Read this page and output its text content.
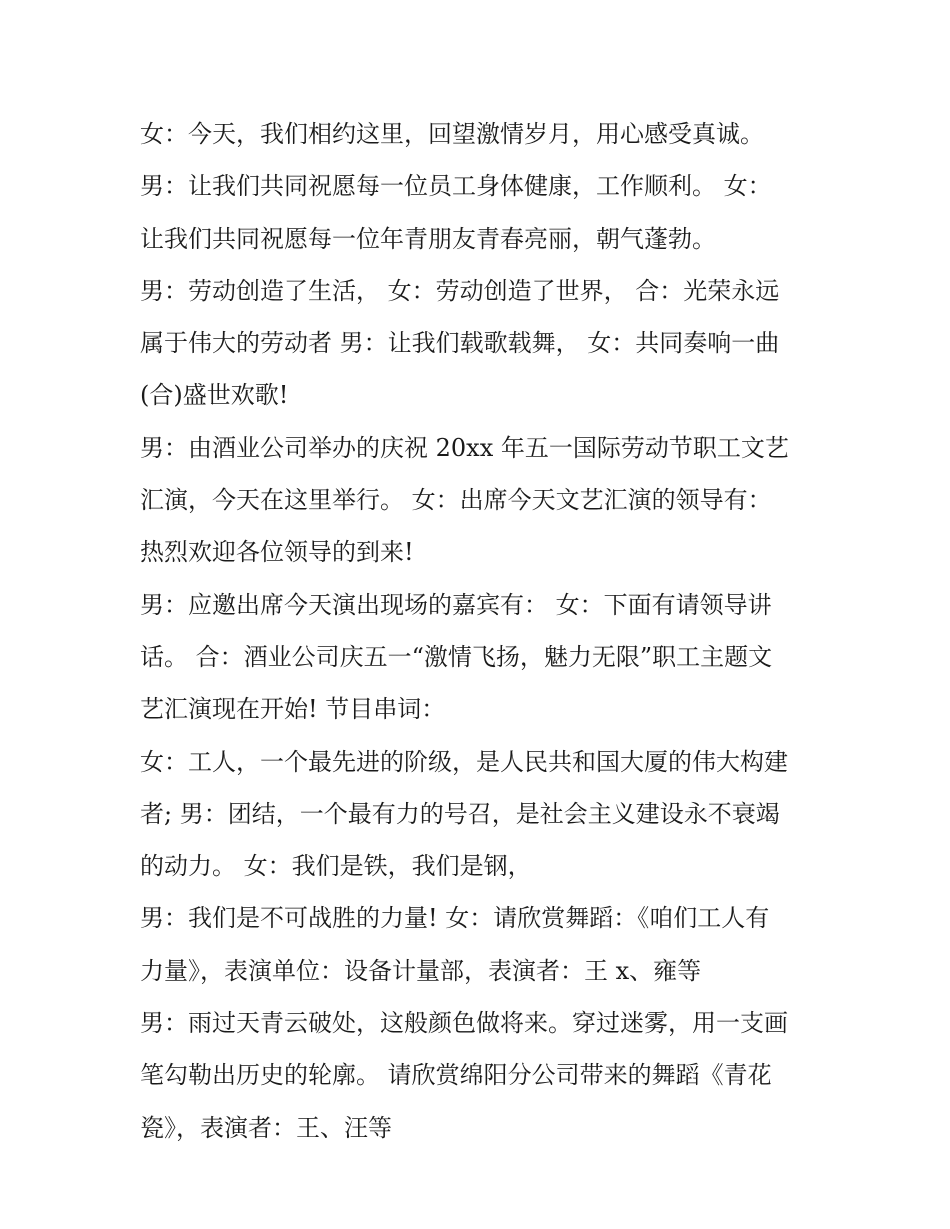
女：今天，我们相约这里，回望激情岁月，用心感受真诚。
男：让我们共同祝愿每一位员工身体健康，工作顺利。 女：
让我们共同祝愿每一位年青朋友青春亮丽，朝气蓬勃。
男：劳动创造了生活， 女：劳动创造了世界， 合：光荣永远
属于伟大的劳动者 男：让我们载歌载舞， 女：共同奏响一曲
(合)盛世欢歌!
男：由酒业公司举办的庆祝 20xx 年五一国际劳动节职工文艺
汇演，今天在这里举行。 女：出席今天文艺汇演的领导有：
热烈欢迎各位领导的到来!
男：应邀出席今天演出现场的嘉宾有： 女：下面有请领导讲
话。 合：酒业公司庆五一“激情飞扬，魅力无限”职工主题文
艺汇演现在开始! 节目串词：
女：工人，一个最先进的阶级，是人民共和国大厦的伟大构建
者; 男：团结，一个最有力的号召，是社会主义建设永不衰竭
的动力。 女：我们是铁，我们是钢，
男：我们是不可战胜的力量! 女：请欣赏舞蹈：《咱们工人有
力量》，表演单位：设备计量部，表演者：王 x、雍等
男：雨过天青云破处，这般颜色做将来。穿过迷雾，用一支画
笔勾勒出历史的轮廓。 请欣赏绵阳分公司带来的舞蹈《青花
瓷》，表演者：王、汪等
